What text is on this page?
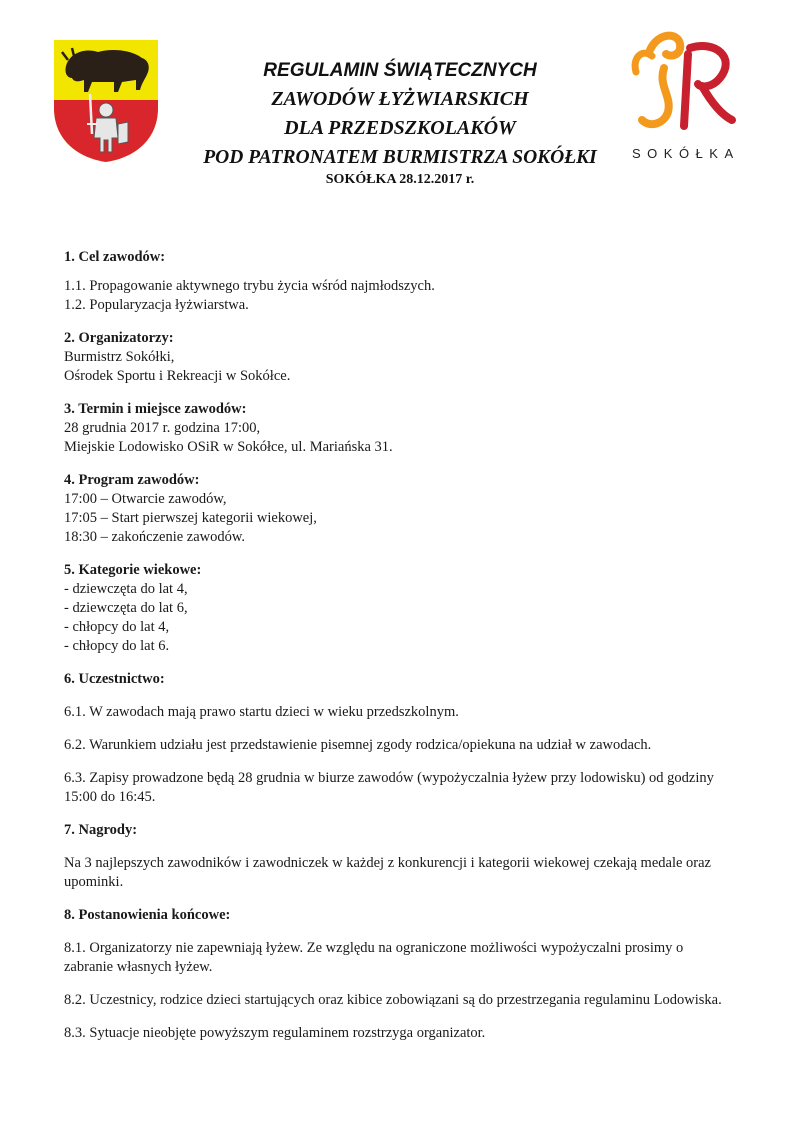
SOKÓŁKA
REGULAMIN ŚWIĄTECZNYCH
ZAWODÓW ŁYŻWIARSKICH
DLA PRZEDSZKOLAKÓW
POD PATRONATEM BURMISTRZA SOKÓŁKI
SOKÓŁKA 28.12.2017 r.

1. Cel zawodów:

1.1. Propagowanie aktywnego trybu życia wśród najmłodszych.

1.2. Popularyzacja łyżwiarstwa.

2. Organizatorzy:

Burmistrz Sokółki,

Ośrodek Sportu i Rekreacji w Sokółce.

3. Termin i miejsce zawodów:

28 grudnia 2017 r. godzina 17:00,

Miejskie Lodowisko OSiR w Sokółce, ul. Mariańska 31.

4. Program zawodów:

17:00 – Otwarcie zawodów,

17:05 – Start pierwszej kategorii wiekowej,

18:30 – zakończenie zawodów.

5. Kategorie wiekowe:

- dziewczęta do lat 4,

- dziewczęta do lat 6,

- chłopcy do lat 4,

- chłopcy do lat 6.

6. Uczestnictwo:

6.1. W zawodach mają prawo startu dzieci w wieku przedszkolnym.

6.2. Warunkiem udziału jest przedstawienie pisemnej zgody rodzica/opiekuna na udział w zawodach.

6.3. Zapisy prowadzone będą 28 grudnia w biurze zawodów (wypożyczalnia łyżew przy lodowisku) od godziny 15:00 do 16:45.

7. Nagrody:

Na 3 najlepszych zawodników i zawodniczek w każdej z konkurencji i kategorii wiekowej czekają medale oraz upominki.

8. Postanowienia końcowe:

8.1. Organizatorzy nie zapewniają łyżew. Ze względu na ograniczone możliwości wypożyczalni prosimy o zabranie własnych łyżew.

8.2. Uczestnicy, rodzice dzieci startujących oraz kibice zobowiązani są do przestrzegania regulaminu Lodowiska.

8.3. Sytuacje nieobjęte powyższym regulaminem rozstrzyga organizator.
